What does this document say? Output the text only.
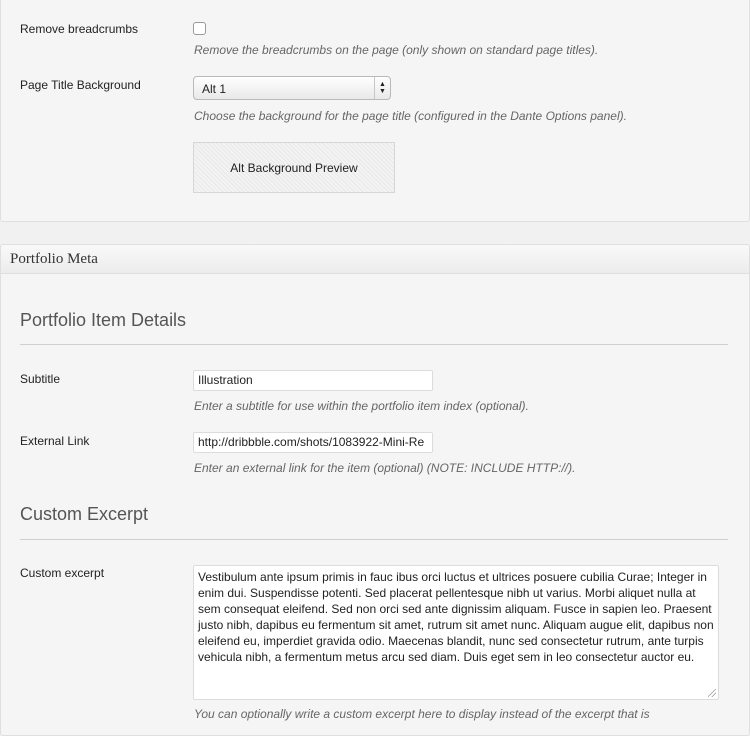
Remove breadcrumbs
Remove the breadcrumbs on the page (only shown on standard page titles).
Page Title Background	Alt 1	▲
▼
Choose the background for the page title (configured in the Dante Options panel).
Alt Background Preview
Portfolio Meta
Portfolio Item Details
Subtitle	Illustration
Enter a subtitle for use within the portfolio item index (optional).
External Link	http://dribbble.com/shots/1083922-Mini-Re
Enter an external link for the item (optional) (NOTE: INCLUDE HTTP://).
Custom Excerpt
Custom excerpt	Vestibulum ante ipsum primis in fauc ibus orci luctus et ultrices posuere cubilia Curae; Integer in enim dui. Suspendisse potenti. Sed placerat pellentesque nibh ut varius. Morbi aliquet nulla at sem consequat eleifend. Sed non orci sed ante dignissim aliquam. Fusce in sapien leo. Praesent justo nibh, dapibus eu fermentum sit amet, rutrum sit amet nunc. Aliquam augue elit, dapibus non eleifend eu, imperdiet gravida odio. Maecenas blandit, nunc sed consectetur rutrum, ante turpis vehicula nibh, a fermentum metus arcu sed diam. Duis eget sem in leo consectetur auctor eu.
You can optionally write a custom excerpt here to display instead of the excerpt that is
